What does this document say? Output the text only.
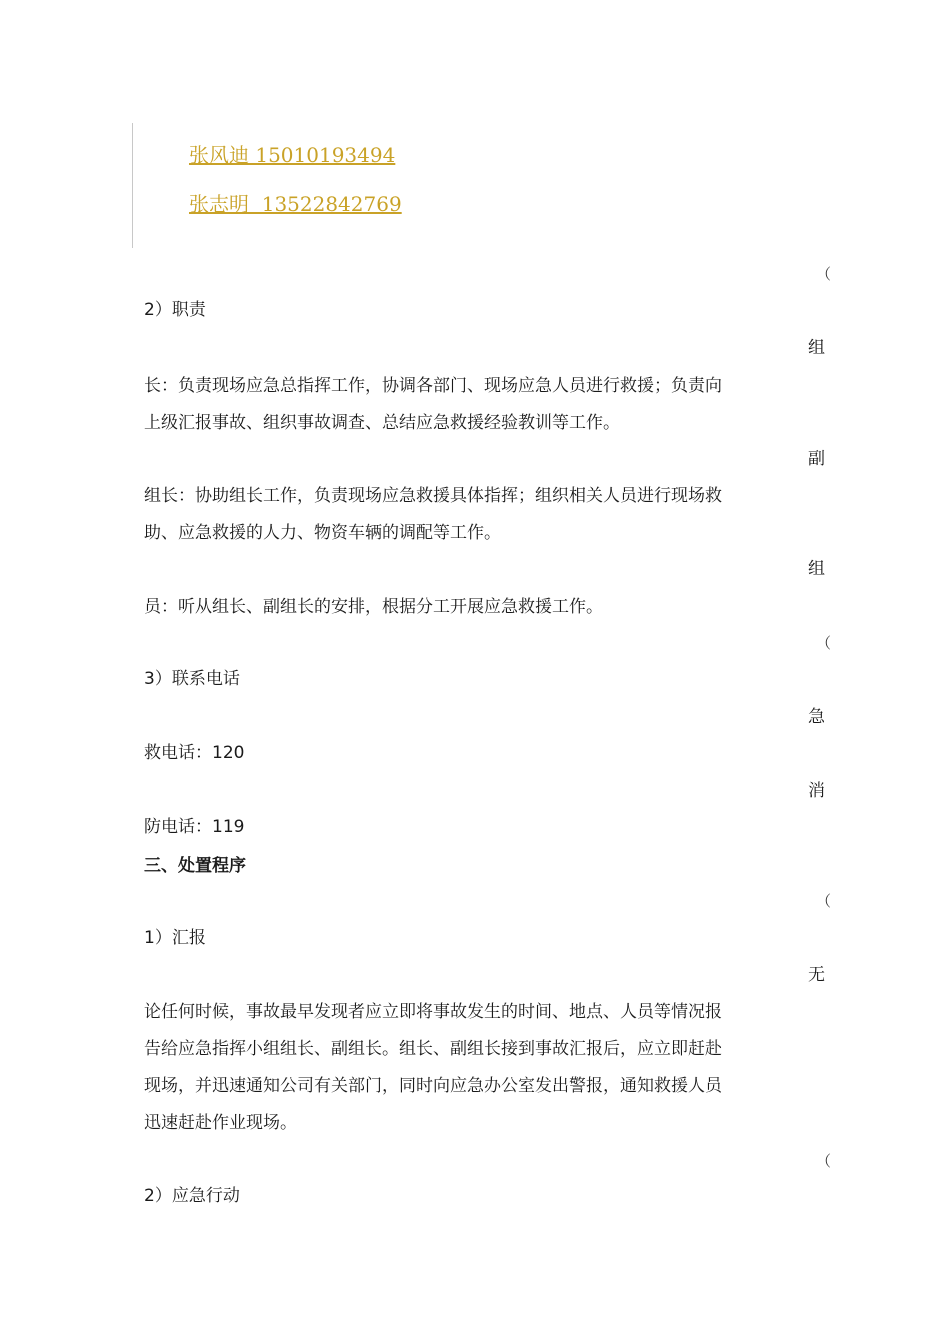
张风迪 15010193494
张志明  13522842769
（
2）职责
组
长：负责现场应急总指挥工作，协调各部门、现场应急人员进行救援；负责向
上级汇报事故、组织事故调查、总结应急救援经验教训等工作。
副
组长：协助组长工作，负责现场应急救援具体指挥；组织相关人员进行现场救
助、应急救援的人力、物资车辆的调配等工作。
组
员：听从组长、副组长的安排，根据分工开展应急救援工作。
（
3）联系电话
急
救电话：120
消
防电话：119
三、处置程序
（
1）汇报
无
论任何时候，事故最早发现者应立即将事故发生的时间、地点、人员等情况报
告给应急指挥小组组长、副组长。组长、副组长接到事故汇报后，应立即赶赴
现场，并迅速通知公司有关部门，同时向应急办公室发出警报，通知救援人员
迅速赶赴作业现场。
（
2）应急行动
